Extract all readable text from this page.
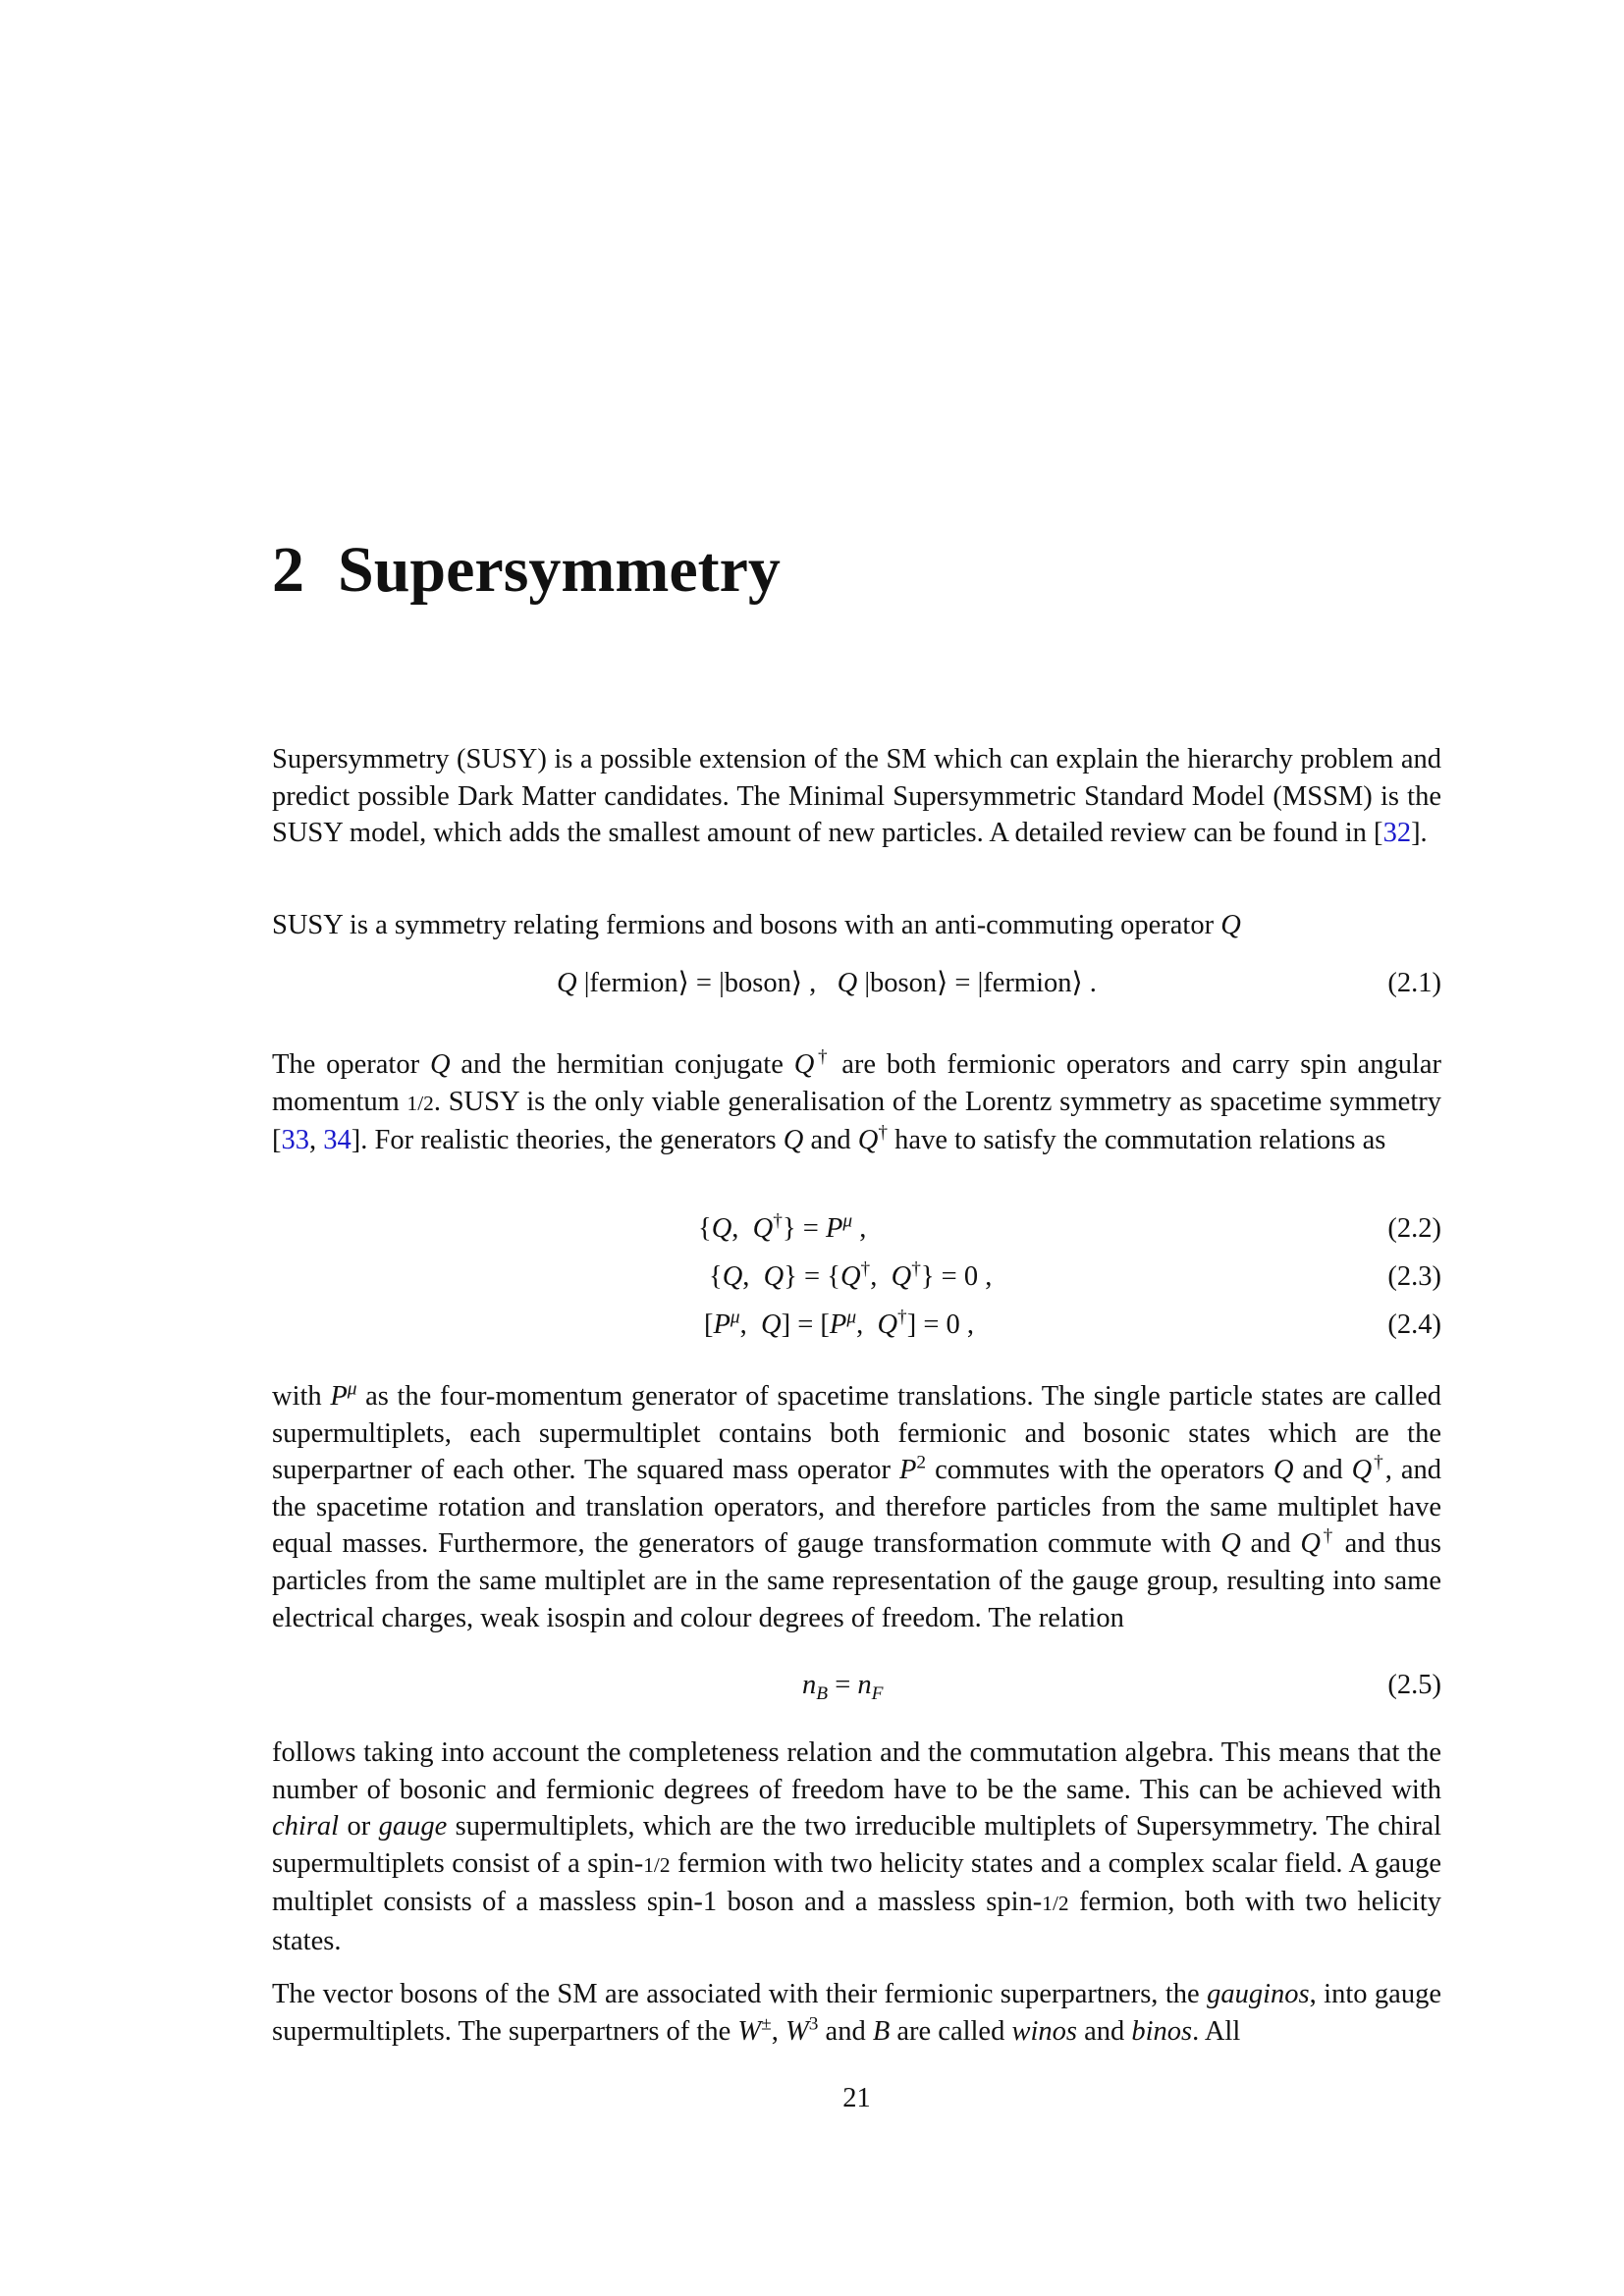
2 Supersymmetry

Supersymmetry (SUSY) is a possible extension of the SM which can explain the hierarchy problem and predict possible Dark Matter candidates. The Minimal Supersymmetric Standard Model (MSSM) is the SUSY model, which adds the smallest amount of new particles. A detailed review can be found in [32].

SUSY is a symmetry relating fermions and bosons with an anti-commuting operator Q

Q |fermion⟩ = |boson⟩ ,   Q |boson⟩ = |fermion⟩ .	(2.1)

The operator Q and the hermitian conjugate Q† are both fermionic operators and carry spin angular momentum 1/2. SUSY is the only viable generalisation of the Lorentz symmetry as spacetime symmetry [33, 34]. For realistic theories, the generators Q and Q† have to satisfy the commutation relations as

{Q,  $Q^\dagger\} = P^\mu$ ,	(2.2)
{Q,  Q} = {Q†,  Q†} = 0 ,	(2.3)
[$P^\mu$,  $Q] = [P^\mu$,  Q†] = 0 ,	(2.4)

with $P^\mu$ as the four-momentum generator of spacetime translations. The single particle states are called supermultiplets, each supermultiplet contains both fermionic and bosonic states which are the superpartner of each other. The squared mass operator $P^2$ commutes with the operators Q and Q†, and the spacetime rotation and translation operators, and therefore particles from the same multiplet have equal masses. Furthermore, the generators of gauge transformation commute with Q and Q† and thus particles from the same multiplet are in the same representation of the gauge group, resulting into same electrical charges, weak isospin and colour degrees of freedom. The relation

$n_B = n_F$	(2.5)

follows taking into account the completeness relation and the commutation algebra. This means that the number of bosonic and fermionic degrees of freedom have to be the same. This can be achieved with chiral or gauge supermultiplets, which are the two irreducible multiplets of Supersymmetry. The chiral supermultiplets consist of a spin-1/2 fermion with two helicity states and a complex scalar field. A gauge multiplet consists of a massless spin-1 boson and a massless spin-1/2 fermion, both with two helicity states.

The vector bosons of the SM are associated with their fermionic superpartners, the gauginos, into gauge supermultiplets. The superpartners of the W±, $W^3$ and B are called winos and binos. All

21
